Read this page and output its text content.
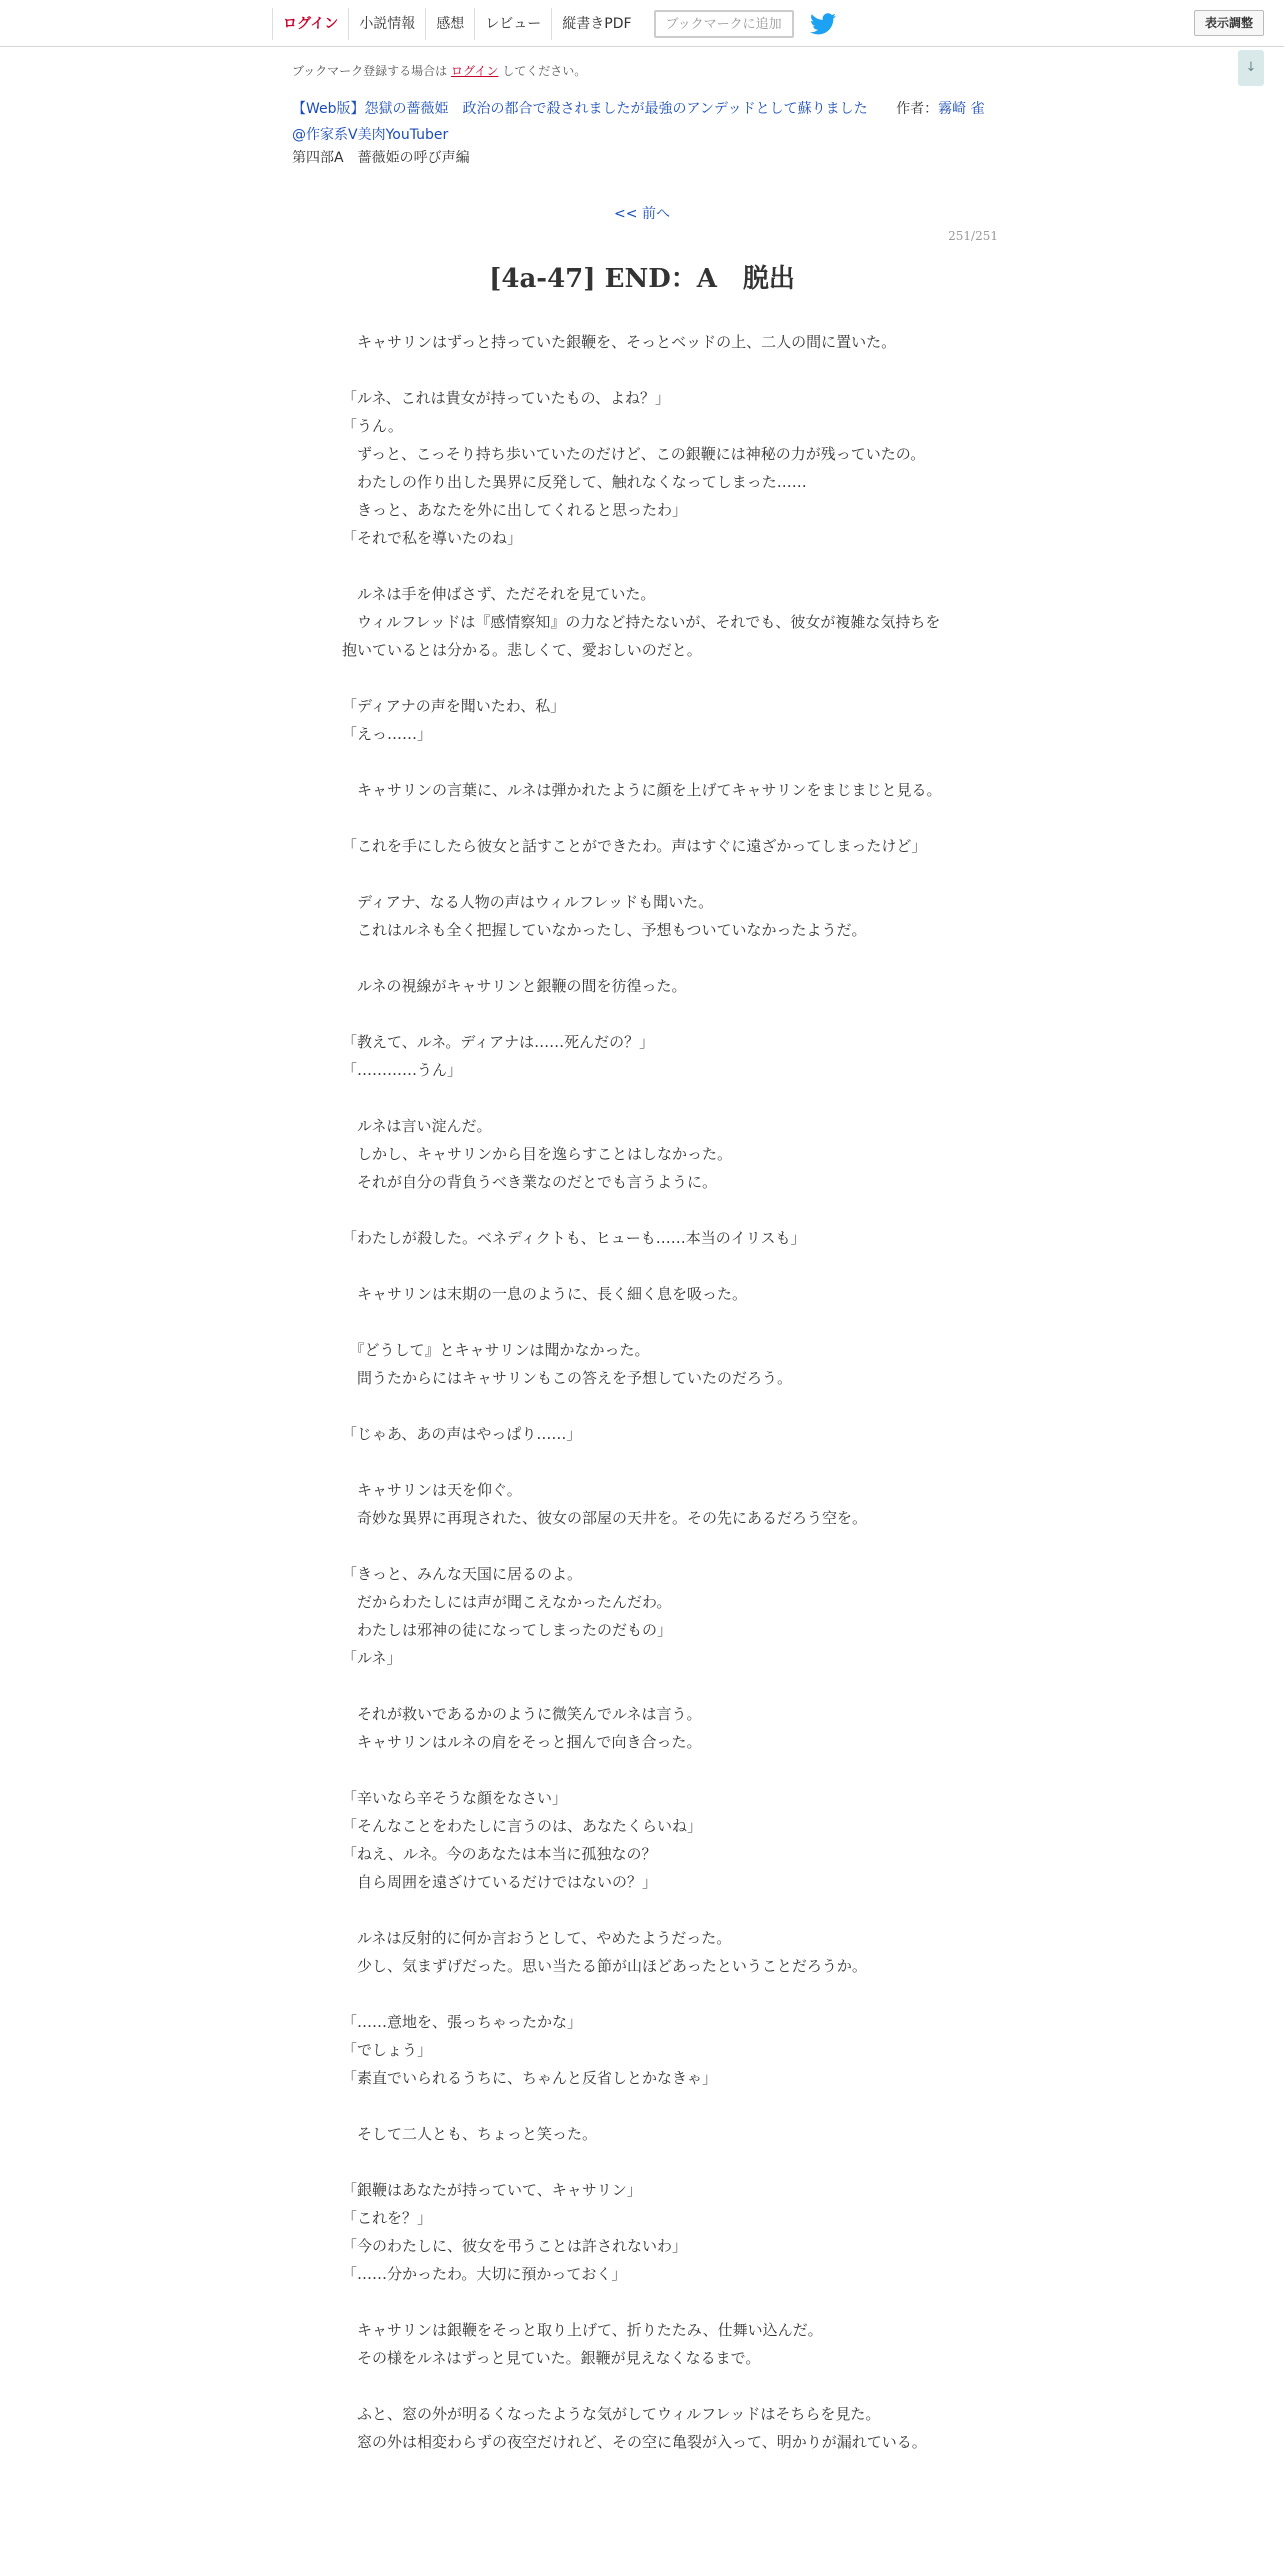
ログイン	小説情報	感想	レビュー	縦書きPDF	ブックマークに追加	表示調整
↓
ブックマーク登録する場合は ログイン してください。
【Web版】怨獄の薔薇姫　政治の都合で殺されましたが最強のアンデッドとして蘇りました 作者：霧崎 雀
@作家系V美肉YouTuber
第四部A　薔薇姫の呼び声編
<< 前へ
251/251
[4a-47] END：A　脱出

　キャサリンはずっと持っていた銀鞭を、そっとベッドの上、二人の間に置いた。

「ルネ、これは貴女が持っていたもの、よね？」

「うん。

　ずっと、こっそり持ち歩いていたのだけど、この銀鞭には神秘の力が残っていたの。

　わたしの作り出した異界に反発して、触れなくなってしまった……

　きっと、あなたを外に出してくれると思ったわ」

「それで私を導いたのね」

　ルネは手を伸ばさず、ただそれを見ていた。

　ウィルフレッドは『感情察知』の力など持たないが、それでも、彼女が複雑な気持ちを抱いているとは分かる。悲しくて、愛おしいのだと。

「ディアナの声を聞いたわ、私」

「えっ……」

　キャサリンの言葉に、ルネは弾かれたように顔を上げてキャサリンをまじまじと見る。

「これを手にしたら彼女と話すことができたわ。声はすぐに遠ざかってしまったけど」

　ディアナ、なる人物の声はウィルフレッドも聞いた。

　これはルネも全く把握していなかったし、予想もついていなかったようだ。

　ルネの視線がキャサリンと銀鞭の間を彷徨った。

「教えて、ルネ。ディアナは……死んだの？」

「…………うん」

　ルネは言い淀んだ。

　しかし、キャサリンから目を逸らすことはしなかった。

　それが自分の背負うべき業なのだとでも言うように。

「わたしが殺した。ベネディクトも、ヒューも……本当のイリスも」

　キャサリンは末期の一息のように、長く細く息を吸った。

　『どうして』とキャサリンは聞かなかった。

　問うたからにはキャサリンもこの答えを予想していたのだろう。

「じゃあ、あの声はやっぱり……」

　キャサリンは天を仰ぐ。

　奇妙な異界に再現された、彼女の部屋の天井を。その先にあるだろう空を。

「きっと、みんな天国に居るのよ。

　だからわたしには声が聞こえなかったんだわ。

　わたしは邪神の徒になってしまったのだもの」

「ルネ」

　それが救いであるかのように微笑んでルネは言う。

　キャサリンはルネの肩をそっと掴んで向き合った。

「辛いなら辛そうな顔をなさい」

「そんなことをわたしに言うのは、あなたくらいね」

「ねえ、ルネ。今のあなたは本当に孤独なの？

　自ら周囲を遠ざけているだけではないの？」

　ルネは反射的に何か言おうとして、やめたようだった。

　少し、気まずげだった。思い当たる節が山ほどあったということだろうか。

「……意地を、張っちゃったかな」

「でしょう」

「素直でいられるうちに、ちゃんと反省しとかなきゃ」

　そして二人とも、ちょっと笑った。

「銀鞭はあなたが持っていて、キャサリン」

「これを？」

「今のわたしに、彼女を弔うことは許されないわ」

「……分かったわ。大切に預かっておく」

　キャサリンは銀鞭をそっと取り上げて、折りたたみ、仕舞い込んだ。

　その様をルネはずっと見ていた。銀鞭が見えなくなるまで。

　ふと、窓の外が明るくなったような気がしてウィルフレッドはそちらを見た。

　窓の外は相変わらずの夜空だけれど、その空に亀裂が入って、明かりが漏れている。
